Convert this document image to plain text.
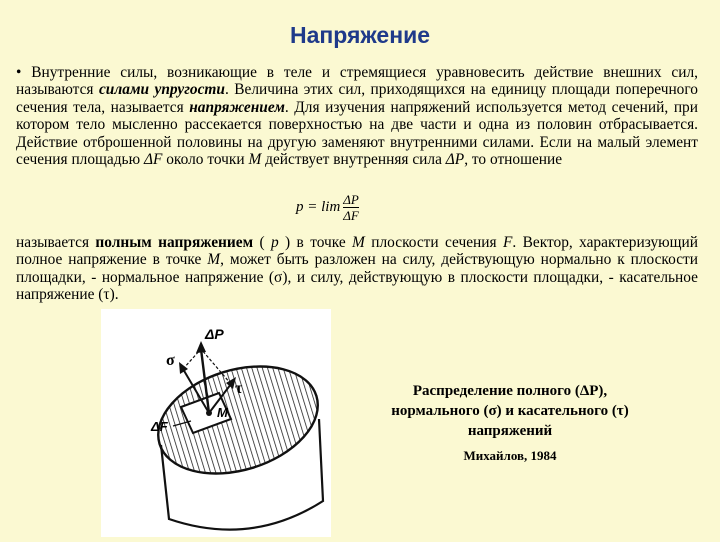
Напряжение
• Внутренние силы, возникающие в теле и стремящиеся уравновесить действие внешних сил, называются силами упругости. Величина этих сил, приходящихся на единицу площади поперечного сечения тела, называется напряжением. Для изучения напряжений используется метод сечений, при котором тело мысленно рассекается поверхностью на две части и одна из половин отбрасывается. Действие отброшенной половины на другую заменяют внутренними силами. Если на малый элемент сечения площадью ΔF около точки M действует внутренняя сила ΔP, то отношение
$p = \lim \frac{\Delta P}{\Delta F}$
называется полным напряжением ( p ) в точке M плоскости сечения F. Вектор, характеризующий полное напряжение в точке M, может быть разложен на силу, действующую нормально к плоскости площадки, - нормальное напряжение (σ), и силу, действующую в плоскости площадки, - касательное напряжение (τ).
ΔP
σ
τ
ΔF
M
Распределение полного (ΔP),
нормального (σ) и касательного (τ)
напряжений
Михайлов, 1984
